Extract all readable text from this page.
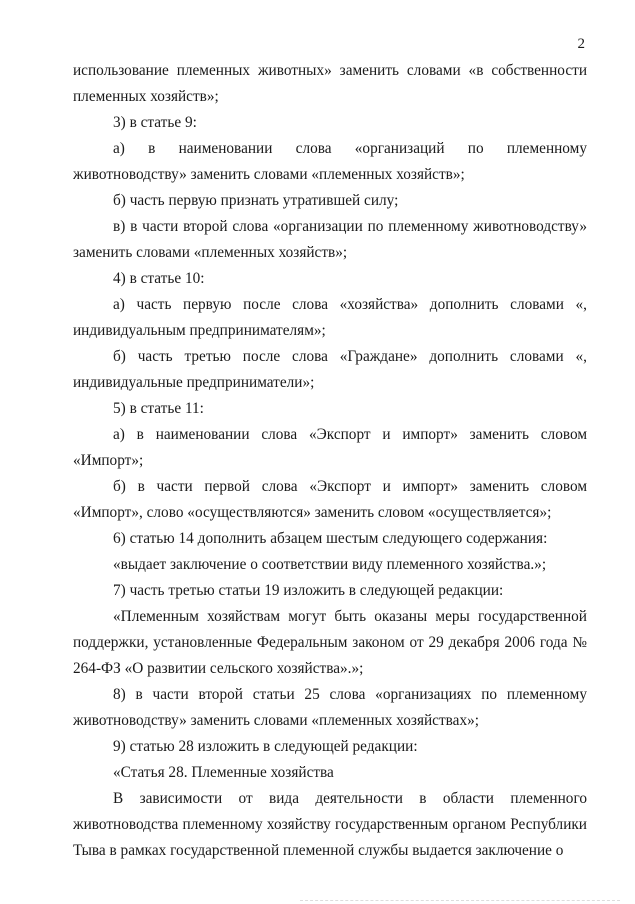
2

использование племенных животных» заменить словами «в собственности племенных хозяйств»;

3) в статье 9:

а) в наименовании слова «организаций по племенному животноводству» заменить словами «племенных хозяйств»;

б) часть первую признать утратившей силу;

в) в части второй слова «организации по племенному животноводству» заменить словами «племенных хозяйств»;

4) в статье 10:

а) часть первую после слова «хозяйства» дополнить словами «, индивидуальным предпринимателям»;

б) часть третью после слова «Граждане» дополнить словами «, индивидуальные предприниматели»;

5) в статье 11:

а) в наименовании слова «Экспорт и импорт» заменить словом «Импорт»;

б) в части первой слова «Экспорт и импорт» заменить словом «Импорт», слово «осуществляются» заменить словом «осуществляется»;

6) статью 14 дополнить абзацем шестым следующего содержания:

«выдает заключение о соответствии виду племенного хозяйства.»;

7) часть третью статьи 19 изложить в следующей редакции:

«Племенным хозяйствам могут быть оказаны меры государственной поддержки, установленные Федеральным законом от 29 декабря 2006 года № 264-ФЗ «О развитии сельского хозяйства».»;

8) в части второй статьи 25 слова «организациях по племенному животноводству» заменить словами «племенных хозяйствах»;

9) статью 28 изложить в следующей редакции:

«Статья 28. Племенные хозяйства

В зависимости от вида деятельности в области племенного животноводства племенному хозяйству государственным органом Республики Тыва в рамках государственной племенной службы выдается заключение о
